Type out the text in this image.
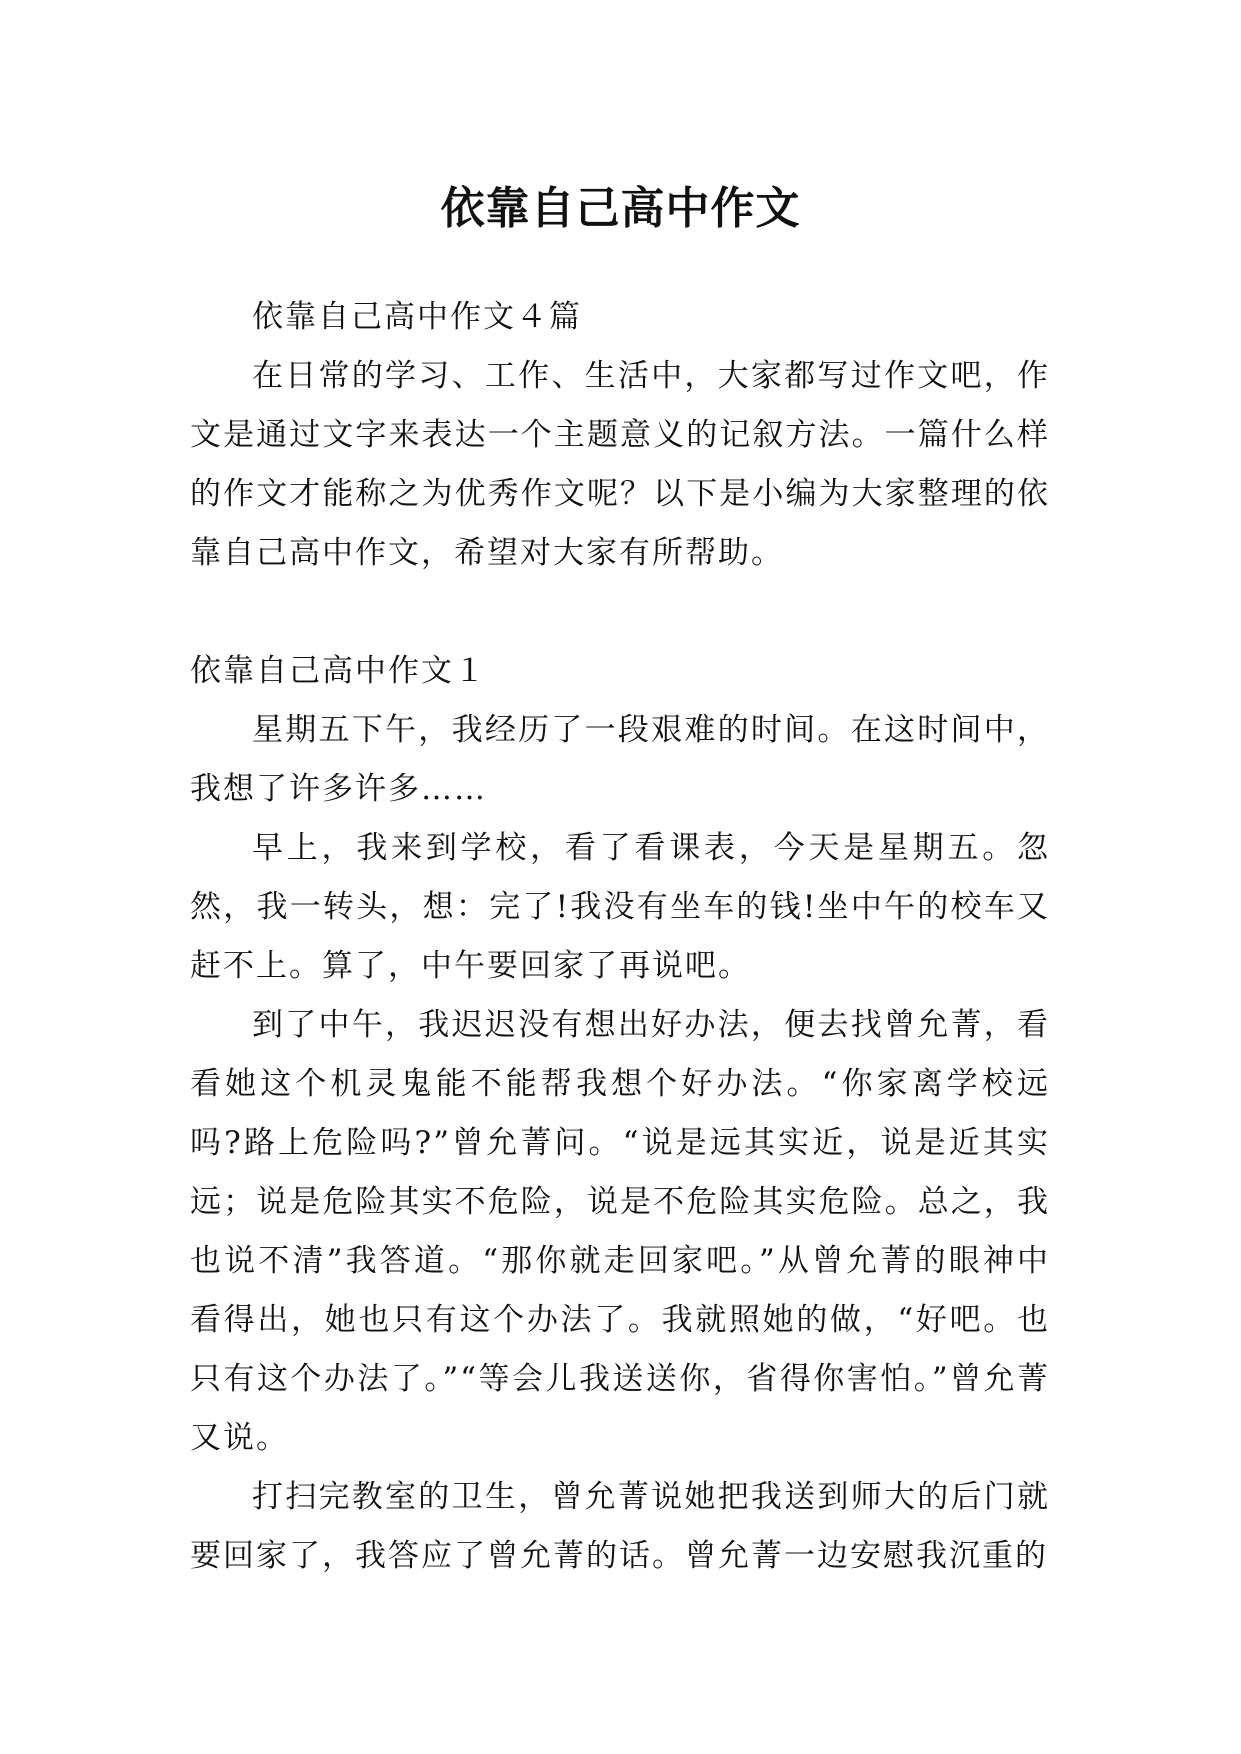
依靠自己高中作文

依靠自己高中作文４篇

在日常的学习、工作、生活中，大家都写过作文吧，作文是通过文字来表达一个主题意义的记叙方法。一篇什么样的作文才能称之为优秀作文呢？以下是小编为大家整理的依靠自己高中作文，希望对大家有所帮助。

依靠自己高中作文１

星期五下午，我经历了一段艰难的时间。在这时间中，我想了许多许多……

早上，我来到学校，看了看课表，今天是星期五。忽然，我一转头，想：完了!我没有坐车的钱!坐中午的校车又赶不上。算了，中午要回家了再说吧。

到了中午，我迟迟没有想出好办法，便去找曾允菁，看看她这个机灵鬼能不能帮我想个好办法。“你家离学校远吗?路上危险吗?”曾允菁问。“说是远其实近，说是近其实远；说是危险其实不危险，说是不危险其实危险。总之，我也说不清”我答道。“那你就走回家吧。”从曾允菁的眼神中看得出，她也只有这个办法了。我就照她的做，“好吧。也只有这个办法了。”“等会儿我送送你，省得你害怕。”曾允菁又说。

打扫完教室的卫生，曾允菁说她把我送到师大的后门就要回家了，我答应了曾允菁的话。曾允菁一边安慰我沉重的
